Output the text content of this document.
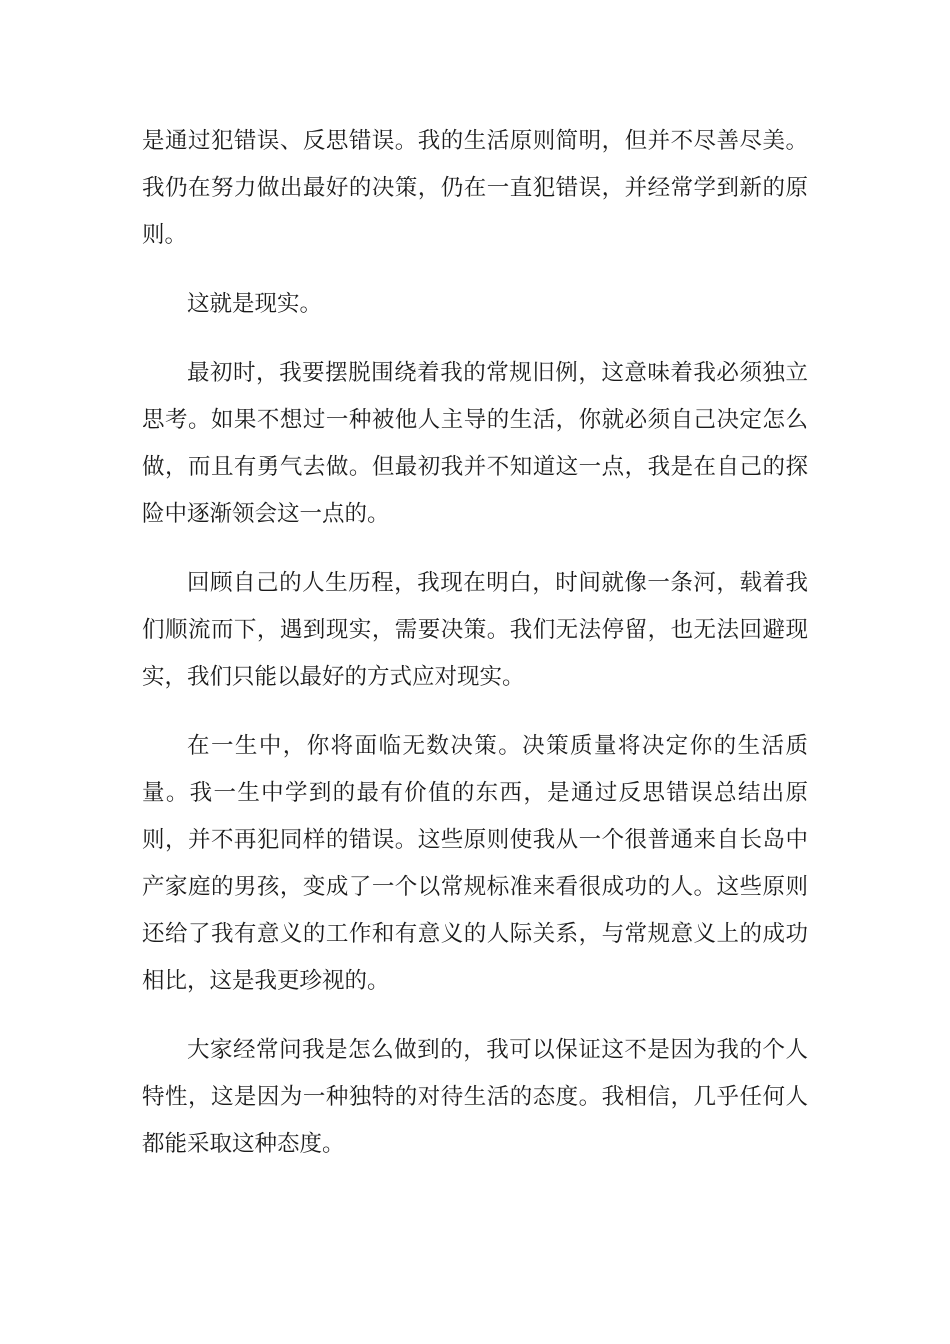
是通过犯错误、反思错误。我的生活原则简明，但并不尽善尽美。我仍在努力做出最好的决策，仍在一直犯错误，并经常学到新的原则。

这就是现实。

最初时，我要摆脱围绕着我的常规旧例，这意味着我必须独立思考。如果不想过一种被他人主导的生活，你就必须自己决定怎么做，而且有勇气去做。但最初我并不知道这一点，我是在自己的探险中逐渐领会这一点的。

回顾自己的人生历程，我现在明白，时间就像一条河，载着我们顺流而下，遇到现实，需要决策。我们无法停留，也无法回避现实，我们只能以最好的方式应对现实。

在一生中，你将面临无数决策。决策质量将决定你的生活质量。我一生中学到的最有价值的东西，是通过反思错误总结出原则，并不再犯同样的错误。这些原则使我从一个很普通来自长岛中产家庭的男孩，变成了一个以常规标准来看很成功的人。这些原则还给了我有意义的工作和有意义的人际关系，与常规意义上的成功相比，这是我更珍视的。

大家经常问我是怎么做到的，我可以保证这不是因为我的个人特性，这是因为一种独特的对待生活的态度。我相信，几乎任何人都能采取这种态度。
